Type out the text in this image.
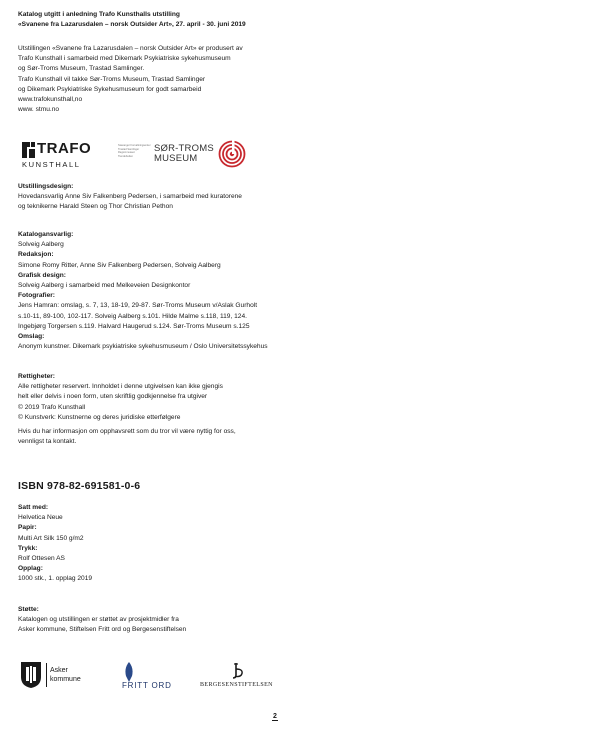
Katalog utgitt i anledning Trafo Kunsthalls utstilling
«Svanene fra Lazarusdalen – norsk Outsider Art», 27. april - 30. juni 2019
Utstillingen «Svanene fra Lazarusdalen – norsk Outsider Art» er produsert av
Trafo Kunsthall i samarbeid med Dikemark Psykiatriske sykehusmuseum
og Sør-Troms Museum, Trastad Samlinger.
Trafo Kunsthall vil takke Sør-Troms Museum, Trastad Samlinger
og Dikemark Psykiatriske Sykehusmuseum for godt samarbeid
www.trafokunsthall,no
www. stmu.no
TRAFO
KUNSTHALL
Stavanger Forvaltningsenter
Trastad Samlinger
Regionmuseet
Tiendeboden
SØR-TROMS
MUSEUM
Utstillingsdesign:
Hovedansvarlig Anne Siv Falkenberg Pedersen, i samarbeid med kuratorene
og teknikerne Harald Steen og Thor Christian Pethon
Katalogansvarlig:
Solveig Aalberg
Redaksjon:
Simone Romy Ritter, Anne Siv Falkenberg Pedersen, Solveig Aalberg
Grafisk design:
Solveig Aalberg i samarbeid med Melkeveien Designkontor
Fotografier:
Jens Hamran: omslag, s. 7, 13, 18-19, 29-87. Sør-Troms Museum v/Aslak Gurholt
s.10-11, 89-100, 102-117. Solveig Aalberg s.101. Hilde Malme s.118, 119, 124.
Ingebjørg Torgersen s.119. Halvard Haugerud s.124. Sør-Troms Museum s.125
Omslag:
Anonym kunstner. Dikemark psykiatriske sykehusmuseum / Oslo Universitetssykehus
Rettigheter:
Alle rettigheter reservert. Innholdet i denne utgivelsen kan ikke gjengis
helt eller delvis i noen form, uten skriftlig godkjennelse fra utgiver
© 2019 Trafo Kunsthall
© Kunstverk: Kunstnerne og deres juridiske etterfølgere
Hvis du har informasjon om opphavsrett som du tror vil være nyttig for oss,
vennligst ta kontakt.
ISBN 978-82-691581-0-6
Satt med:
Helvetica Neue
Papir:
Multi Art Silk 150 g/m2
Trykk:
Rolf Ottesen AS
Opplag:
1000 stk., 1. opplag 2019
Støtte:
Katalogen og utstillingen er støttet av prosjektmidler fra
Asker kommune, Stiftelsen Fritt ord og Bergesenstiftelsen
Asker
kommune
FRITT ORD	BERGESENSTIFTELSEN
2
